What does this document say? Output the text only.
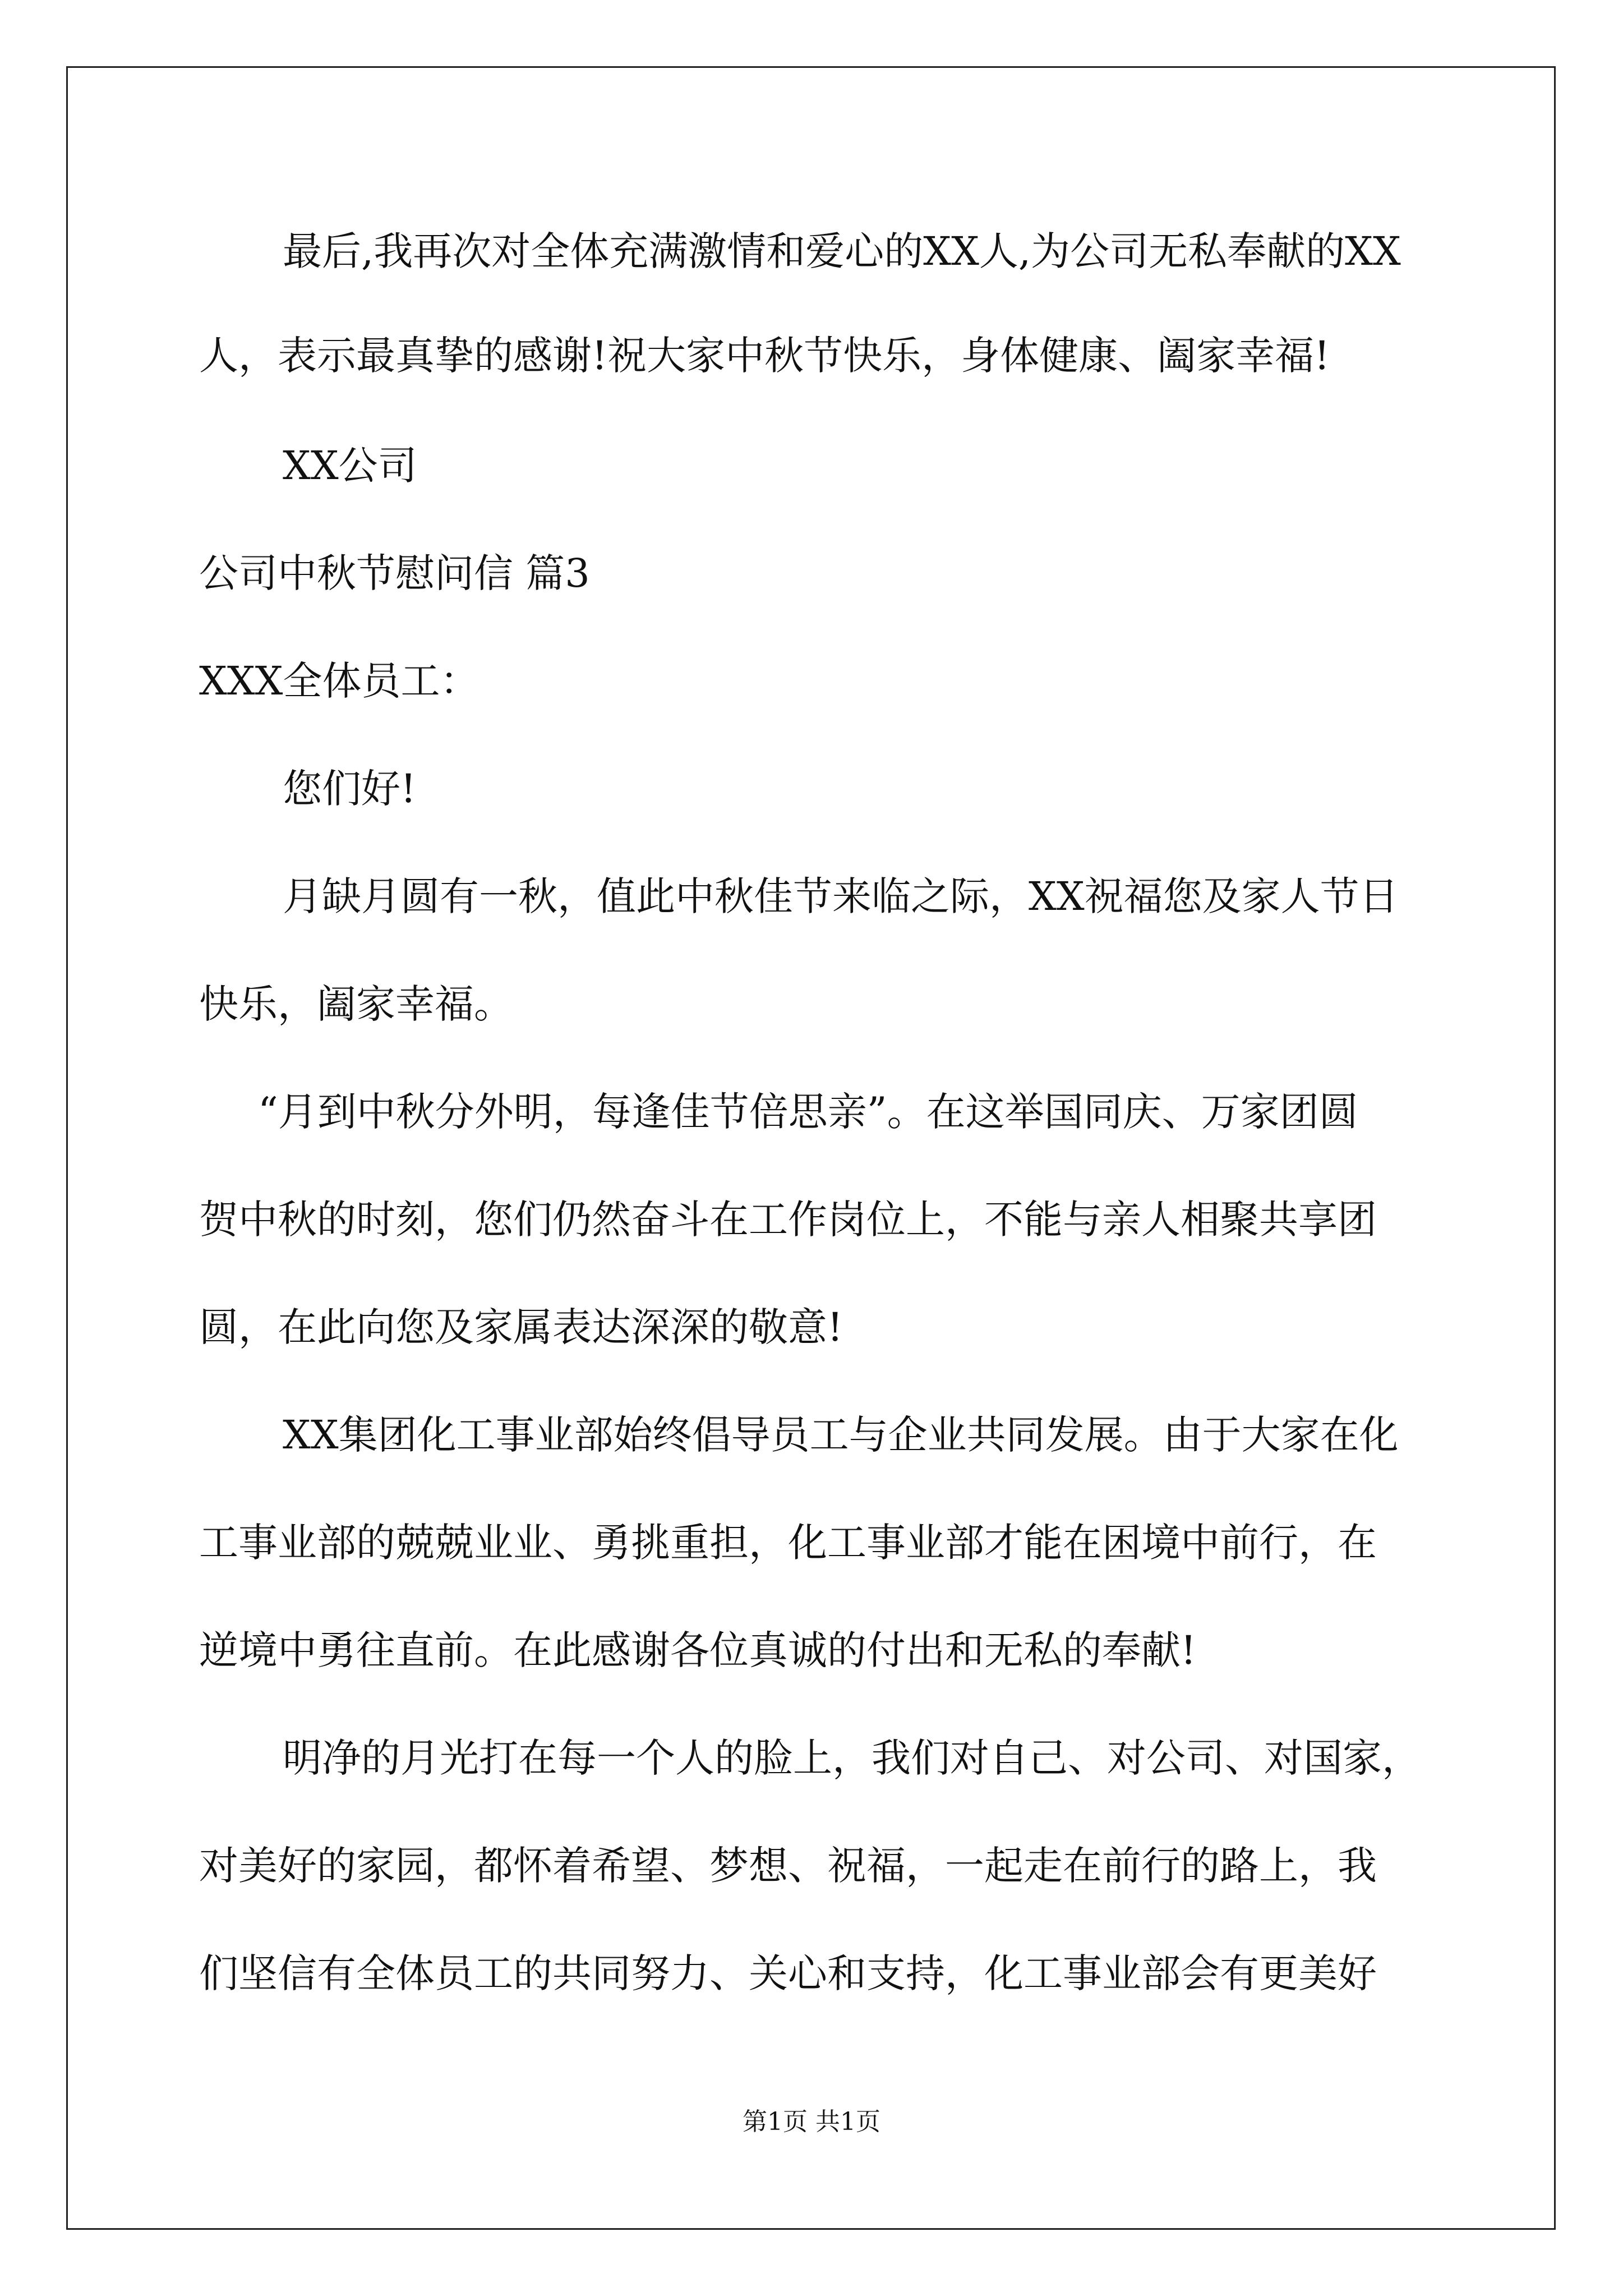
最后,我再次对全体充满激情和爱心的XX人,为公司无私奉献的XX
人，表示最真挚的感谢!祝大家中秋节快乐，身体健康、阖家幸福!
XX公司
公司中秋节慰问信 篇3
XXX全体员工：
您们好!
月缺月圆有一秋，值此中秋佳节来临之际，XX祝福您及家人节日
快乐，阖家幸福。
“月到中秋分外明，每逢佳节倍思亲”。在这举国同庆、万家团圆
贺中秋的时刻，您们仍然奋斗在工作岗位上，不能与亲人相聚共享团
圆，在此向您及家属表达深深的敬意!
XX集团化工事业部始终倡导员工与企业共同发展。由于大家在化
工事业部的兢兢业业、勇挑重担，化工事业部才能在困境中前行，在
逆境中勇往直前。在此感谢各位真诚的付出和无私的奉献!
明净的月光打在每一个人的脸上，我们对自己、对公司、对国家，
对美好的家园，都怀着希望、梦想、祝福，一起走在前行的路上，我
们坚信有全体员工的共同努力、关心和支持，化工事业部会有更美好
第1页 共1页
